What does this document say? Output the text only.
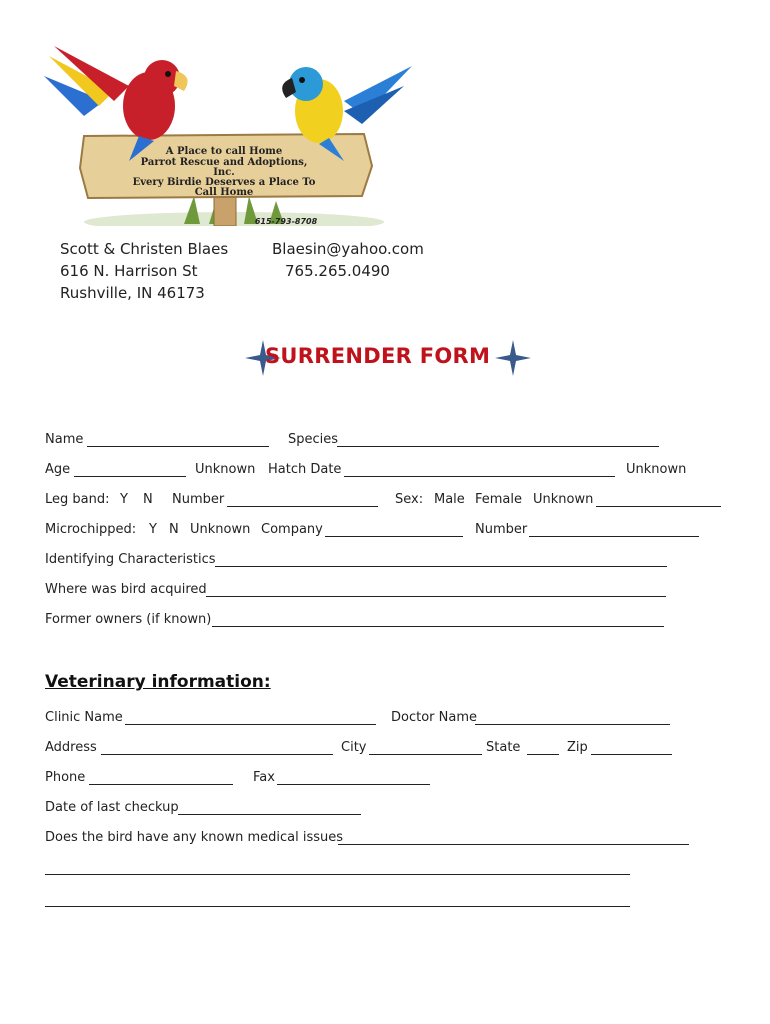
A Place to call Home
Parrot Rescue and Adoptions,
Inc.
Every Birdie Deserves a Place To
Call Home
615-793-8708
Scott & Christen Blaes
616 N. Harrison St
Rushville, IN 46173
Blaesin@yahoo.com
765.265.0490
SURRENDER FORM
Name	Species
Age	Unknown Hatch Date	Unknown
Leg band: Y N Number	Sex: Male Female Unknown
Microchipped: Y N Unknown Company	Number
Identifying Characteristics
Where was bird acquired
Former owners (if known)
Veterinary information:
Clinic Name	Doctor Name
Address	City	State	Zip
Phone	Fax
Date of last checkup
Does the bird have any known medical issues
